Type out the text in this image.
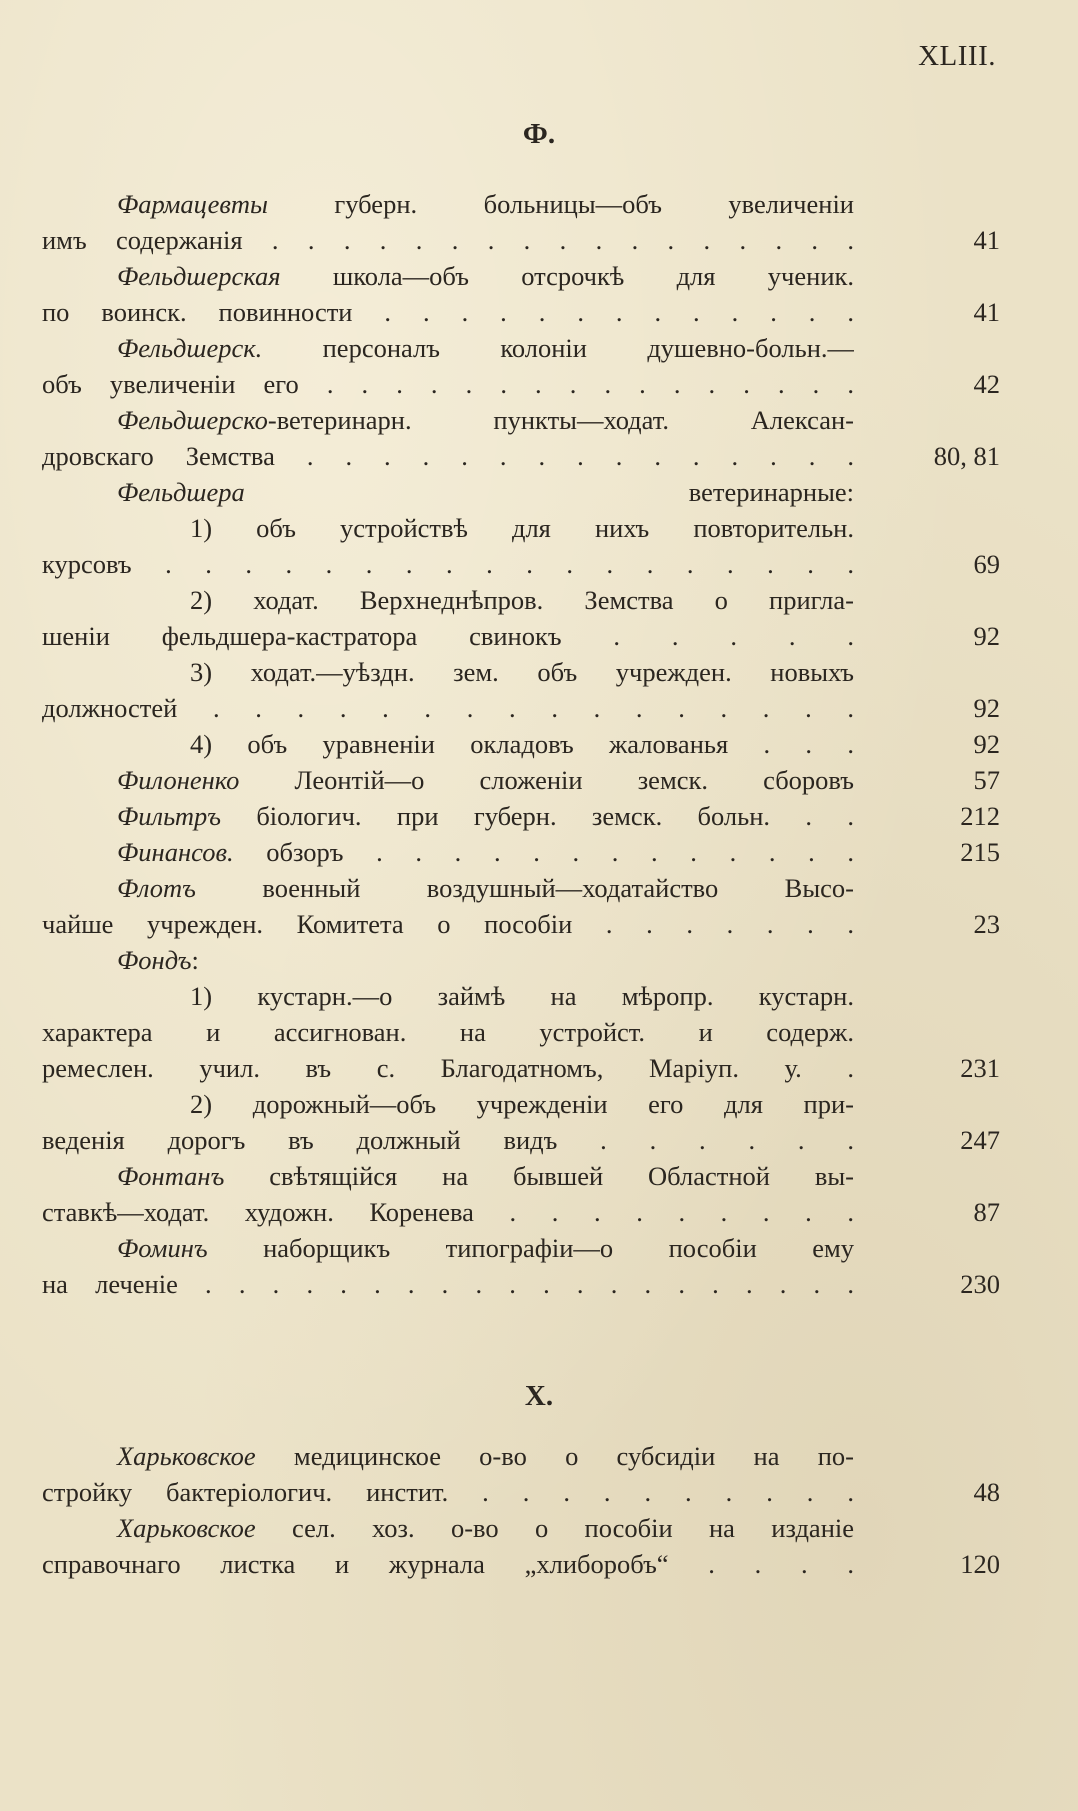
XLIII.
Ф.
Фармацевты губерн. больницы—объ увеличеніи
имъ содержанія . . . . . . . . . . . . . . . . .	41
Фельдшерская школа—объ отсрочкѣ для ученик.
по воинск. повинности . . . . . . . . . . . . .	41
Фельдшерск. персоналъ колоніи душевно-больн.—
объ увеличеніи его . . . . . . . . . . . . . . . .	42
Фельдшерско-ветеринарн. пункты—ходат. Алексан-
дровскаго Земства . . . . . . . . . . . . . . .	80, 81
Фельдшера ветеринарные:
1) объ устройствѣ для нихъ повторительн.
курсовъ . . . . . . . . . . . . . . . . . .	69
2) ходат. Верхнеднѣпров. Земства о пригла-
шеніи фельдшера-кастратора свинокъ . . . . .	92
3) ходат.—уѣздн. зем. объ учрежден. новыхъ
должностей . . . . . . . . . . . . . . . .	92
4) объ уравненіи окладовъ жалованья . . .	92
Филоненко Леонтій—о сложеніи земск. сборовъ	57
Фильтръ біологич. при губерн. земск. больн. . .	212
Финансов. обзоръ . . . . . . . . . . . . .	215
Флотъ военный воздушный—ходатайство Высо-
чайше учрежден. Комитета о пособіи . . . . . . .	23
Фондъ:
1) кустарн.—о займѣ на мѣропр. кустарн.
характера и ассигнован. на устройст. и содерж.
ремеслен. учил. въ с. Благодатномъ, Маріуп. у. .	231
2) дорожный—объ учрежденіи его для при-
веденія дорогъ въ должный видъ . . . . . .	247
Фонтанъ свѣтящійся на бывшей Областной вы-
ставкѣ—ходат. художн. Коренева . . . . . . . . .	87
Фоминъ наборщикъ типографіи—о пособіи ему
на леченіе . . . . . . . . . . . . . . . . . . . .	230
Х.
Харьковское медицинское о-во о субсидіи на по-
стройку бактеріологич. инстит. . . . . . . . . . .	48
Харьковское сел. хоз. о-во о пособіи на изданіе
справочнаго листка и журнала „хлиборобъ“ . . . .	120
